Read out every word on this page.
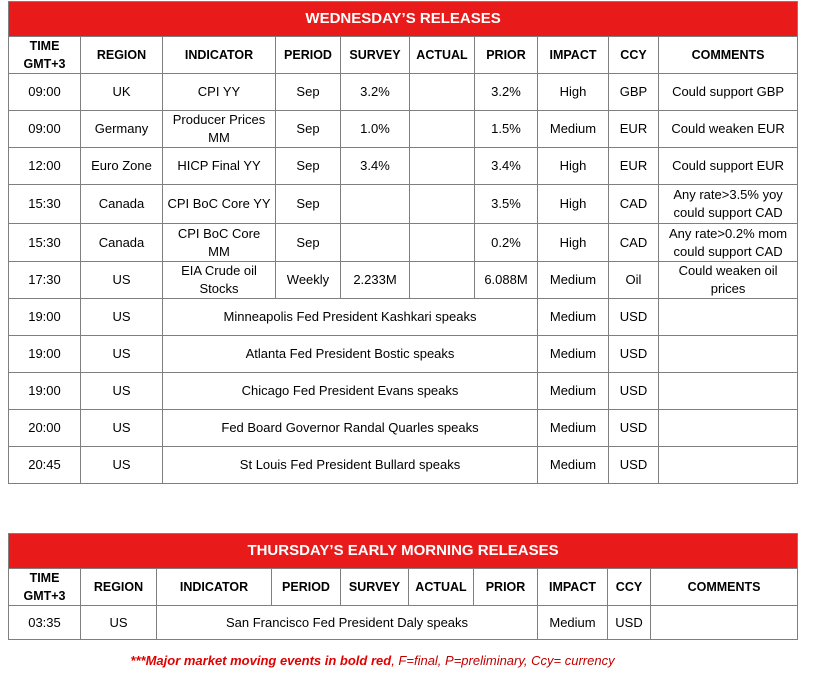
WEDNESDAY’S RELEASES									
TIME
GMT+3	REGION	INDICATOR	PERIOD	SURVEY	ACTUAL	PRIOR	IMPACT	CCY	COMMENTS
09:00	UK	CPI YY	Sep	3.2%		3.2%	High	GBP	Could support GBP
09:00	Germany	Producer Prices MM	Sep	1.0%		1.5%	Medium	EUR	Could weaken EUR
12:00	Euro Zone	HICP Final YY	Sep	3.4%		3.4%	High	EUR	Could support EUR
15:30	Canada	CPI BoC Core YY	Sep			3.5%	High	CAD	Any rate>3.5% yoy could support CAD
15:30	Canada	CPI BoC Core MM	Sep			0.2%	High	CAD	Any rate>0.2% mom could support CAD
17:30	US	EIA Crude oil Stocks	Weekly	2.233M		6.088M	Medium	Oil	Could weaken oil prices
19:00	US	Minneapolis Fed President Kashkari speaks					Medium	USD	
19:00	US	Atlanta Fed President Bostic speaks					Medium	USD	
19:00	US	Chicago Fed President Evans speaks					Medium	USD	
20:00	US	Fed Board Governor Randal Quarles speaks					Medium	USD	
20:45	US	St Louis Fed President Bullard speaks					Medium	USD	
THURSDAY’S EARLY MORNING RELEASES									
TIME
GMT+3	REGION	INDICATOR	PERIOD	SURVEY	ACTUAL	PRIOR	IMPACT	CCY	COMMENTS
03:35	US	San Francisco Fed President Daly speaks					Medium	USD	
***Major market moving events in bold red, F=final, P=preliminary, Ccy= currency
